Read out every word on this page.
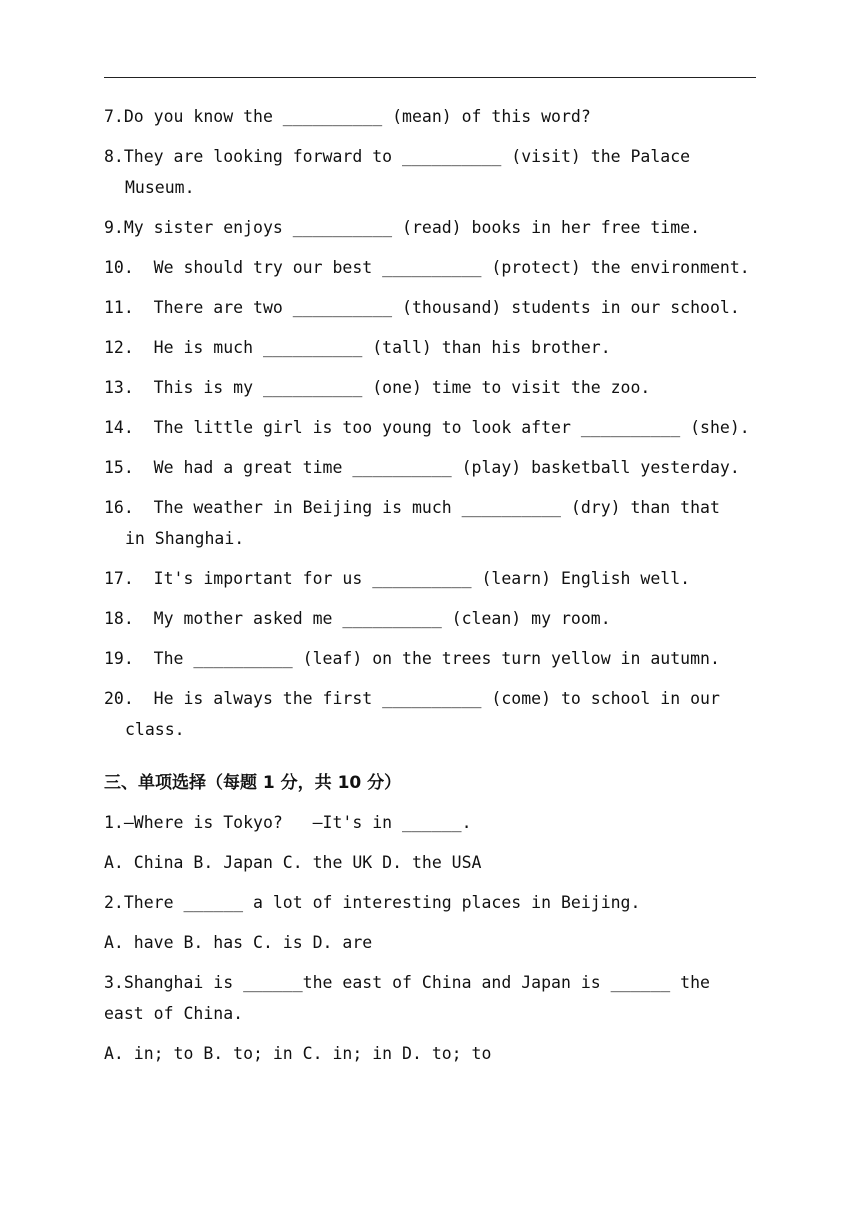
7.Do you know the __________ (mean) of this word?
8.They are looking forward to __________ (visit) the Palace
Museum.
9.My sister enjoys __________ (read) books in her free time.
10.  We should try our best __________ (protect) the environment.
11.  There are two __________ (thousand) students in our school.
12.  He is much __________ (tall) than his brother.
13.  This is my __________ (one) time to visit the zoo.
14.  The little girl is too young to look after __________ (she).
15.  We had a great time __________ (play) basketball yesterday.
16.  The weather in Beijing is much __________ (dry) than that
in Shanghai.
17.  It's important for us __________ (learn) English well.
18.  My mother asked me __________ (clean) my room.
19.  The __________ (leaf) on the trees turn yellow in autumn.
20.  He is always the first __________ (come) to school in our
class.
三、单项选择（每题 1 分，共 10 分）
1.—Where is Tokyo?   —It's in ______.
A. China B. Japan C. the UK D. the USA
2.There ______ a lot of interesting places in Beijing.
A. have B. has C. is D. are
3.Shanghai is ______the east of China and Japan is ______ the
east of China.
A. in; to B. to; in C. in; in D. to; to
